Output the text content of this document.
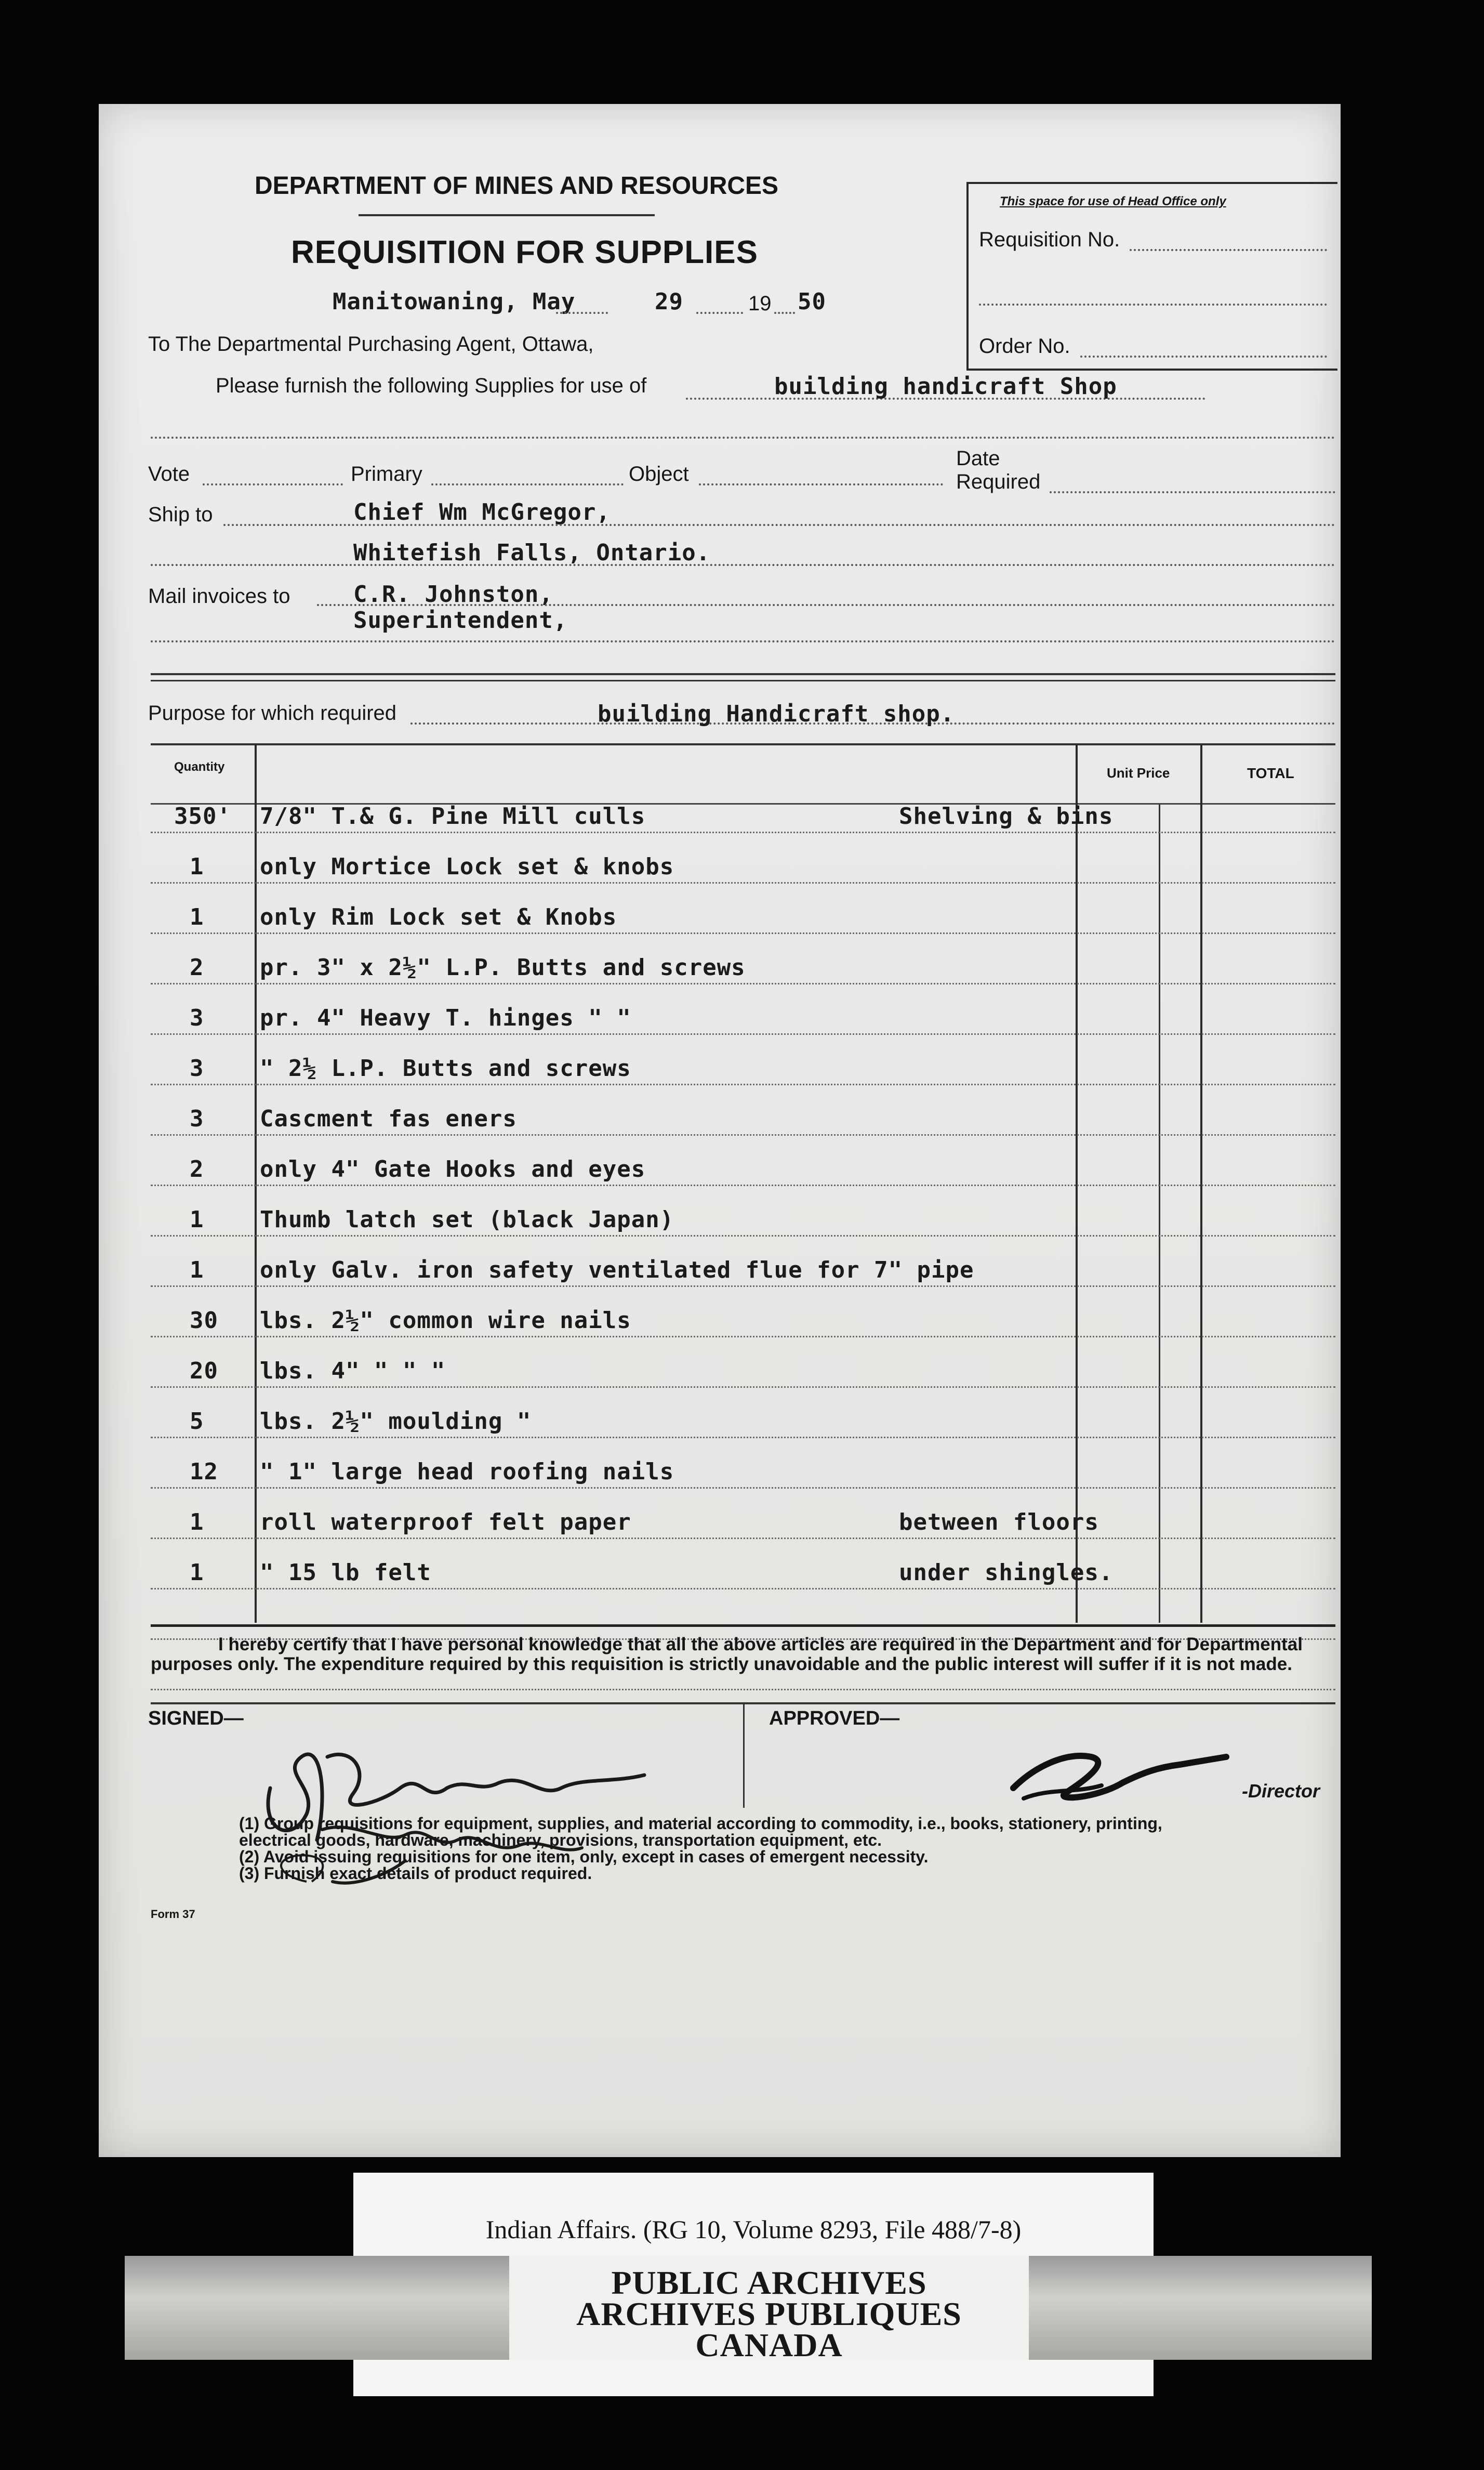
DEPARTMENT OF MINES AND RESOURCES
REQUISITION FOR SUPPLIES
Manitowaning, May	29	19 50
To The Departmental Purchasing Agent, Ottawa,
Please furnish the following Supplies for use of	building handicraft Shop
This space for use of Head Office only
Requisition No.
Order No.
Vote	Primary	Object
Date
Required
Ship to	Chief Wm McGregor,
Whitefish Falls, Ontario.
Mail invoices to	C.R. Johnston,
Superintendent,
Purpose for which required	building Handicraft shop.
Quantity	Unit Price	TOTAL
350' 7/8" T.& G. Pine Mill culls	Shelving & bins
1 only Mortice Lock set & knobs
1 only Rim Lock set & Knobs
2 pr. 3" x 2½" L.P. Butts and screws
3 pr. 4" Heavy T. hinges " "
3 " 2½ L.P. Butts and screws
3 Cascment fas eners
2 only 4" Gate Hooks and eyes
1 Thumb latch set (black Japan)
1 only Galv. iron safety ventilated flue for 7" pipe
30 lbs. 2½" common wire nails
20 lbs. 4" " " "
5 lbs. 2½" moulding "
12 " 1" large head roofing nails
1 roll waterproof felt paper	between floors
1 " 15 lb felt	under shingles.
I hereby certify that I have personal knowledge that all the above articles are required in the Department and for Departmental purposes only. The expenditure required by this requisition is strictly unavoidable and the public interest will suffer if it is not made.
SIGNED—	APPROVED—
-Director
(1) Group requisitions for equipment, supplies, and material according to commodity, i.e., books, stationery, printing,
electrical goods, hardware, machinery, provisions, transportation equipment, etc.
(2) Avoid issuing requisitions for one item, only, except in cases of emergent necessity.
(3) Furnish exact details of product required.
Form 37
Indian Affairs. (RG 10, Volume 8293, File 488/7-8)
PUBLIC ARCHIVES
ARCHIVES PUBLIQUES
CANADA
